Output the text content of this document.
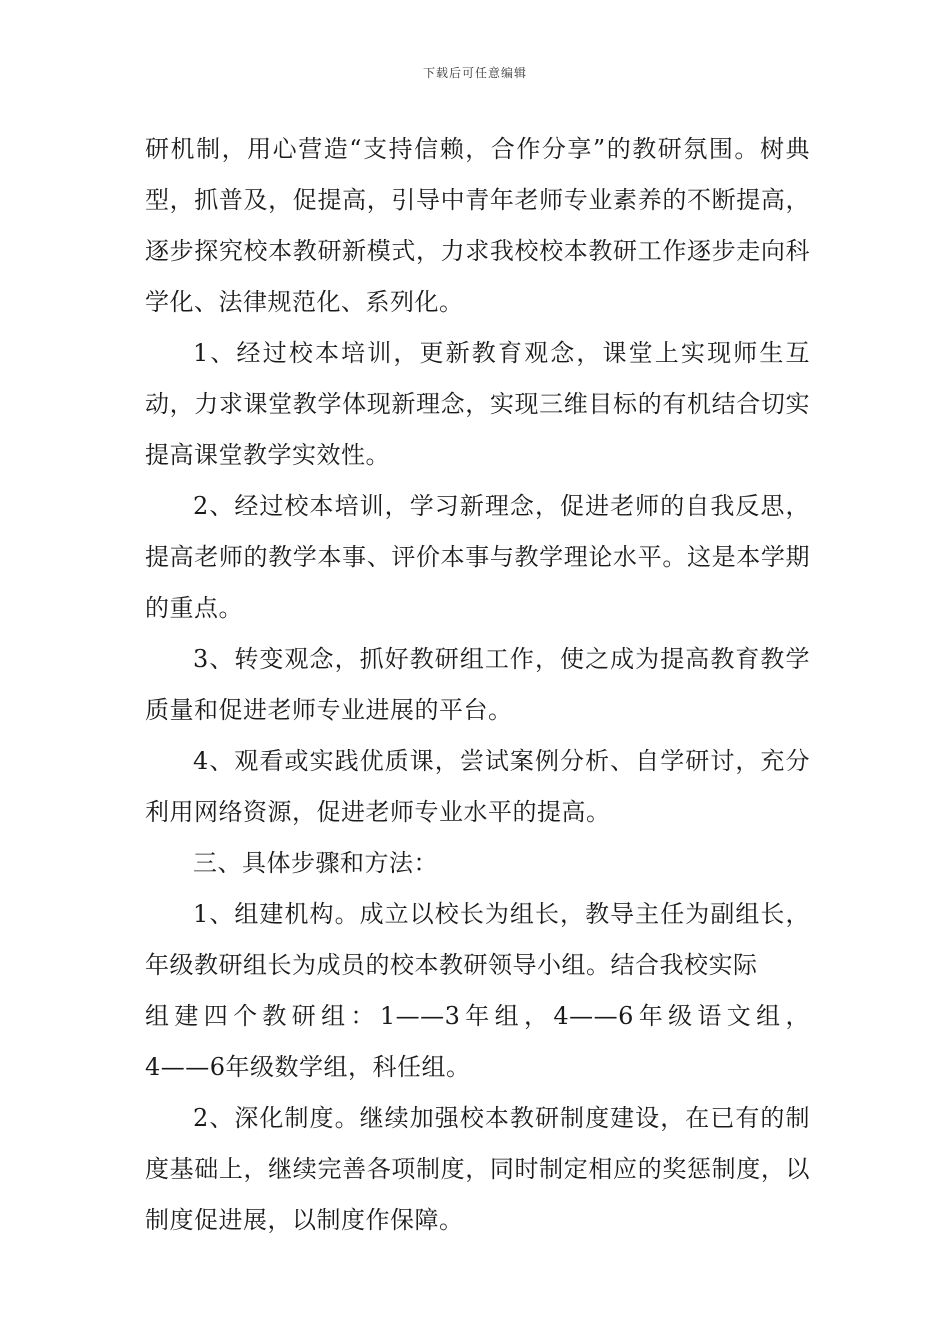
下载后可任意编辑

研机制，用心营造“支持信赖，合作分享”的教研氛围。树典型，抓普及，促提高，引导中青年老师专业素养的不断提高，逐步探究校本教研新模式，力求我校校本教研工作逐步走向科学化、法律规范化、系列化。

1、经过校本培训，更新教育观念，课堂上实现师生互动，力求课堂教学体现新理念，实现三维目标的有机结合切实提高课堂教学实效性。

2、经过校本培训，学习新理念，促进老师的自我反思，提高老师的教学本事、评价本事与教学理论水平。这是本学期的重点。

3、转变观念，抓好教研组工作，使之成为提高教育教学质量和促进老师专业进展的平台。

4、观看或实践优质课，尝试案例分析、自学研讨，充分利用网络资源，促进老师专业水平的提高。

三、具体步骤和方法：

1、组建机构。成立以校长为组长，教导主任为副组长，年级教研组长为成员的校本教研领导小组。结合我校实际

组建四个教研组：1——3年组，4——6年级语文组，

4——6年级数学组，科任组。

2、深化制度。继续加强校本教研制度建设，在已有的制度基础上，继续完善各项制度，同时制定相应的奖惩制度，以制度促进展，以制度作保障。
